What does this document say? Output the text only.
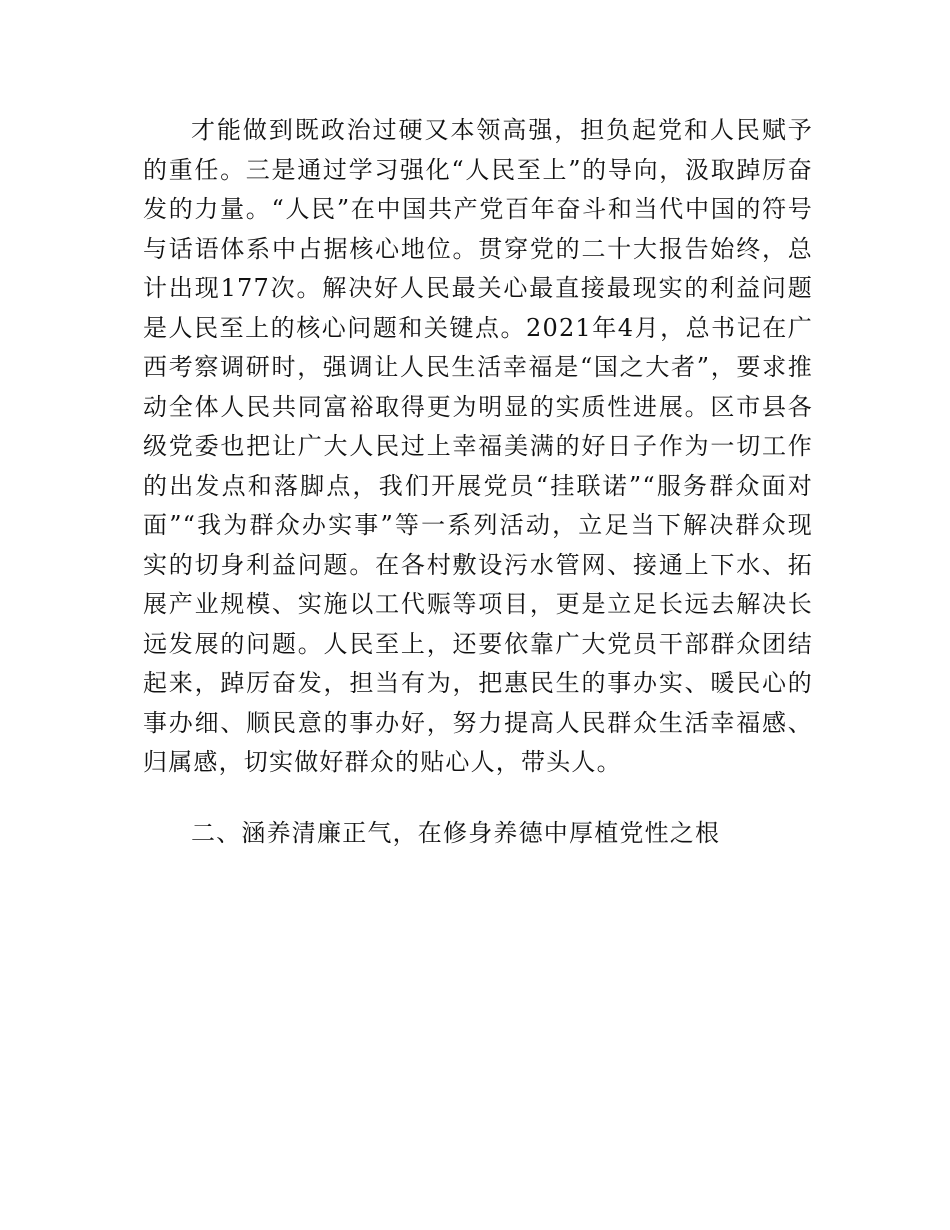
才能做到既政治过硬又本领高强，担负起党和人民赋予的重任。三是通过学习强化“人民至上”的导向，汲取踔厉奋发的力量。“人民”在中国共产党百年奋斗和当代中国的符号与话语体系中占据核心地位。贯穿党的二十大报告始终，总计出现177次。解决好人民最关心最直接最现实的利益问题是人民至上的核心问题和关键点。2021年4月，总书记在广西考察调研时，强调让人民生活幸福是“国之大者”，要求推动全体人民共同富裕取得更为明显的实质性进展。区市县各级党委也把让广大人民过上幸福美满的好日子作为一切工作的出发点和落脚点，我们开展党员“挂联诺”“服务群众面对面”“我为群众办实事”等一系列活动，立足当下解决群众现实的切身利益问题。在各村敷设污水管网、接通上下水、拓展产业规模、实施以工代赈等项目，更是立足长远去解决长远发展的问题。人民至上，还要依靠广大党员干部群众团结起来，踔厉奋发，担当有为，把惠民生的事办实、暖民心的事办细、顺民意的事办好，努力提高人民群众生活幸福感、归属感，切实做好群众的贴心人，带头人。

二、涵养清廉正气，在修身养德中厚植党性之根
